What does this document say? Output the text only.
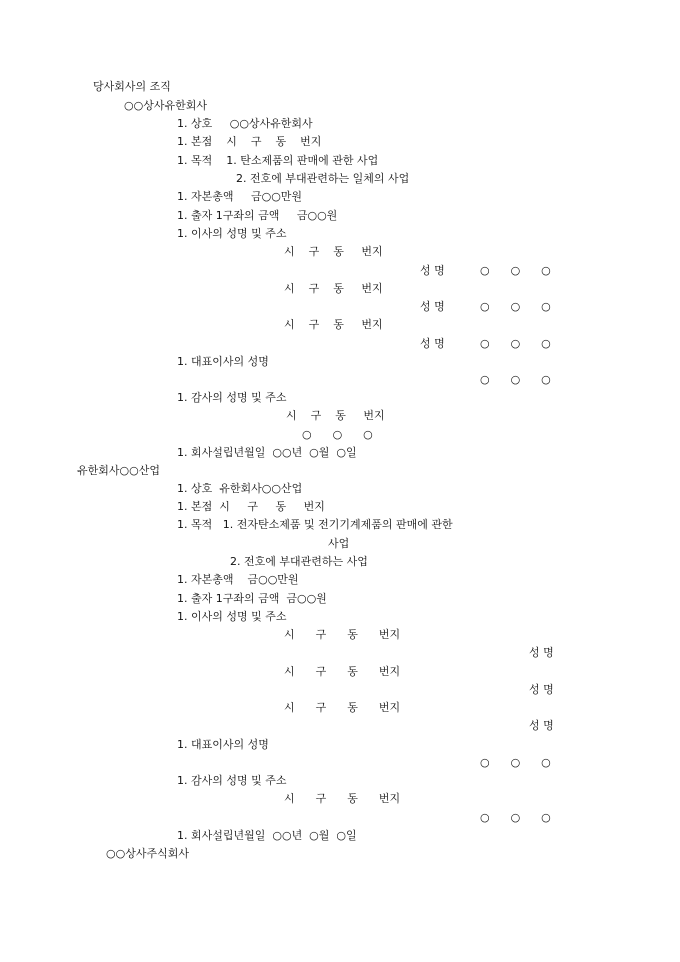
당사회사의 조직
○○상사유한회사
1. 상호     ○○상사유한회사
1. 본점    시    구    동    번지
1. 목적    1. 탄소제품의 판매에 관한 사업
2. 전호에 부대관련하는 일체의 사업
1. 자본총액     금○○만원
1. 출자 1구좌의 금액     금○○원
1. 이사의 성명 및 주소
시    구    동     번지
성 명	○      ○      ○
시    구    동     번지
성 명	○      ○      ○
시    구    동     번지
성 명	○      ○      ○
1. 대표이사의 성명
○      ○      ○
1. 감사의 성명 및 주소
시    구    동     번지
○      ○      ○
1. 회사설립년월일  ○○년  ○월  ○일
유한회사○○산업
1. 상호  유한회사○○산업
1. 본점  시     구     동     번지
1. 목적   1. 전자탄소제품 및 전기기계제품의 판매에 관한
사업
2. 전호에 부대관련하는 사업
1. 자본총액    금○○만원
1. 출자 1구좌의 금액  금○○원
1. 이사의 성명 및 주소
시      구      동      번지
성 명
시      구      동      번지
성 명
시      구      동      번지
성 명
1. 대표이사의 성명
○      ○      ○
1. 감사의 성명 및 주소
시      구      동      번지
○      ○      ○
1. 회사설립년월일  ○○년  ○월  ○일
○○상사주식회사
